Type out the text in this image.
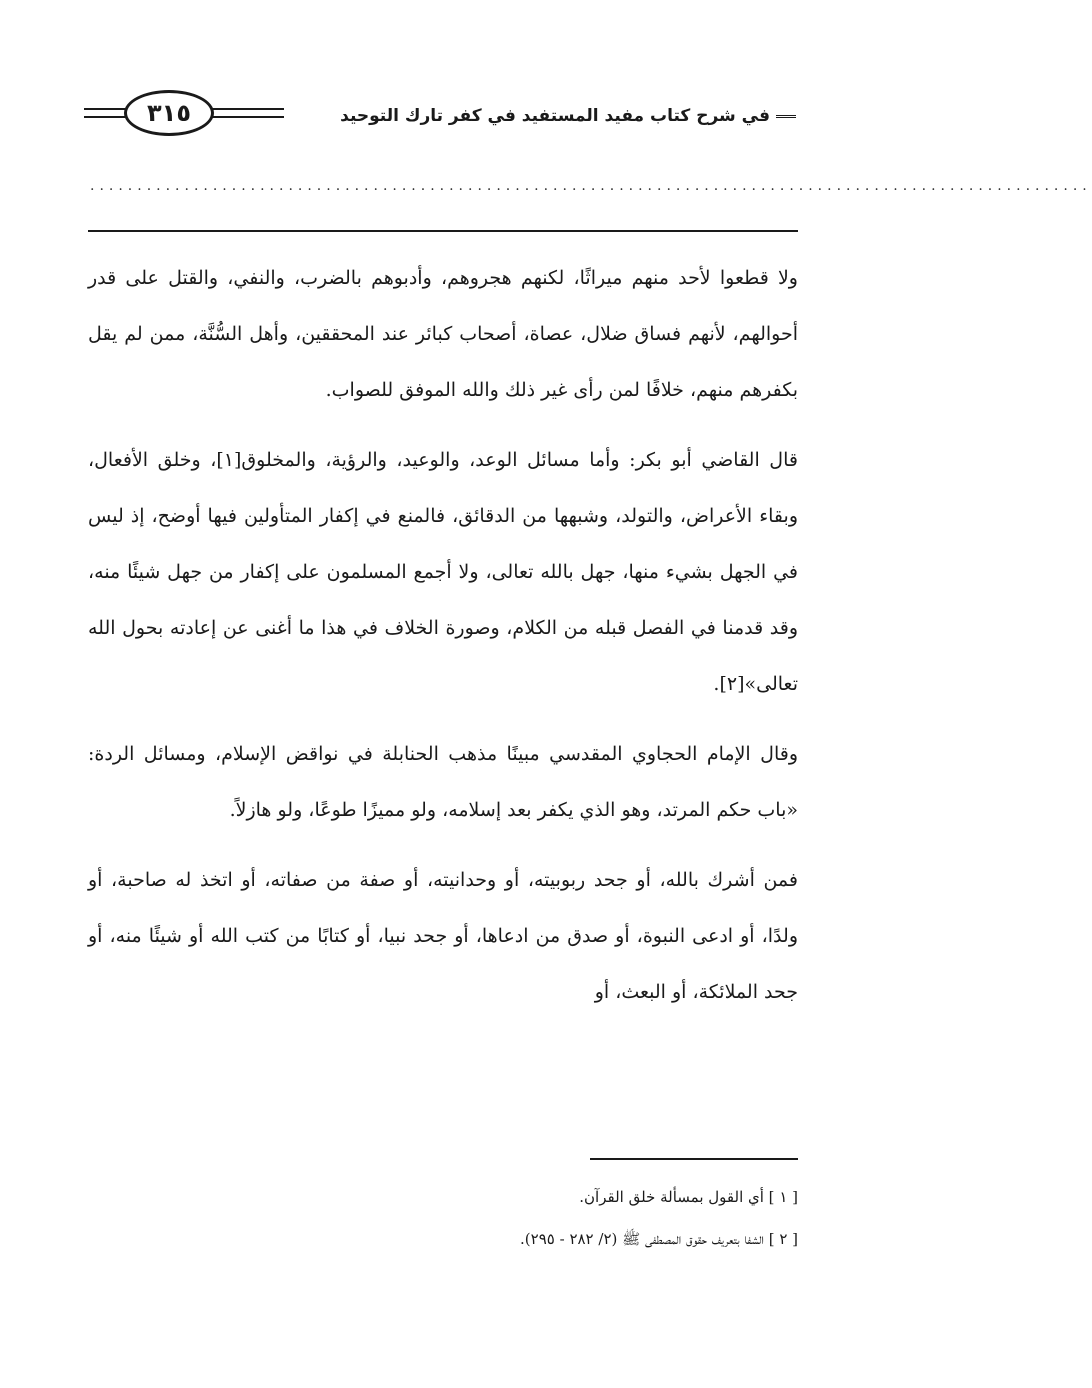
في شرح كتاب مفيد المستفيد في كفر تارك التوحيد
٣١٥
..........................................................................................................

ولا قطعوا لأحد منهم ميراثًا، لكنهم هجروهم، وأدبوهم بالضرب، والنفي، والقتل على قدر أحوالهم، لأنهم فساق ضلال، عصاة، أصحاب كبائر عند المحققين، وأهل السُّنَّة، ممن لم يقل بكفرهم منهم، خلافًا لمن رأى غير ذلك والله الموفق للصواب.

قال القاضي أبو بكر: وأما مسائل الوعد، والوعيد، والرؤية، والمخلوق[١]، وخلق الأفعال، وبقاء الأعراض، والتولد، وشبهها من الدقائق، فالمنع في إكفار المتأولين فيها أوضح، إذ ليس في الجهل بشيء منها، جهل بالله تعالى، ولا أجمع المسلمون على إكفار من جهل شيئًا منه، وقد قدمنا في الفصل قبله من الكلام، وصورة الخلاف في هذا ما أغنى عن إعادته بحول الله تعالى»[٢].

وقال الإمام الحجاوي المقدسي مبينًا مذهب الحنابلة في نواقض الإسلام، ومسائل الردة: «باب حكم المرتد، وهو الذي يكفر بعد إسلامه، ولو مميزًا طوعًا، ولو هازلاً.

فمن أشرك بالله، أو جحد ربوبيته، أو وحدانيته، أو صفة من صفاته، أو اتخذ له صاحبة، أو ولدًا، أو ادعى النبوة، أو صدق من ادعاها، أو جحد نبيا، أو كتابًا من كتب الله أو شيئًا منه، أو جحد الملائكة، أو البعث، أو

[ ١ ] أي القول بمسألة خلق القرآن.

[ ٢ ] الشفا بتعريف حقوق المصطفى ﷺ (٢/ ٢٨٢ - ٢٩٥).
